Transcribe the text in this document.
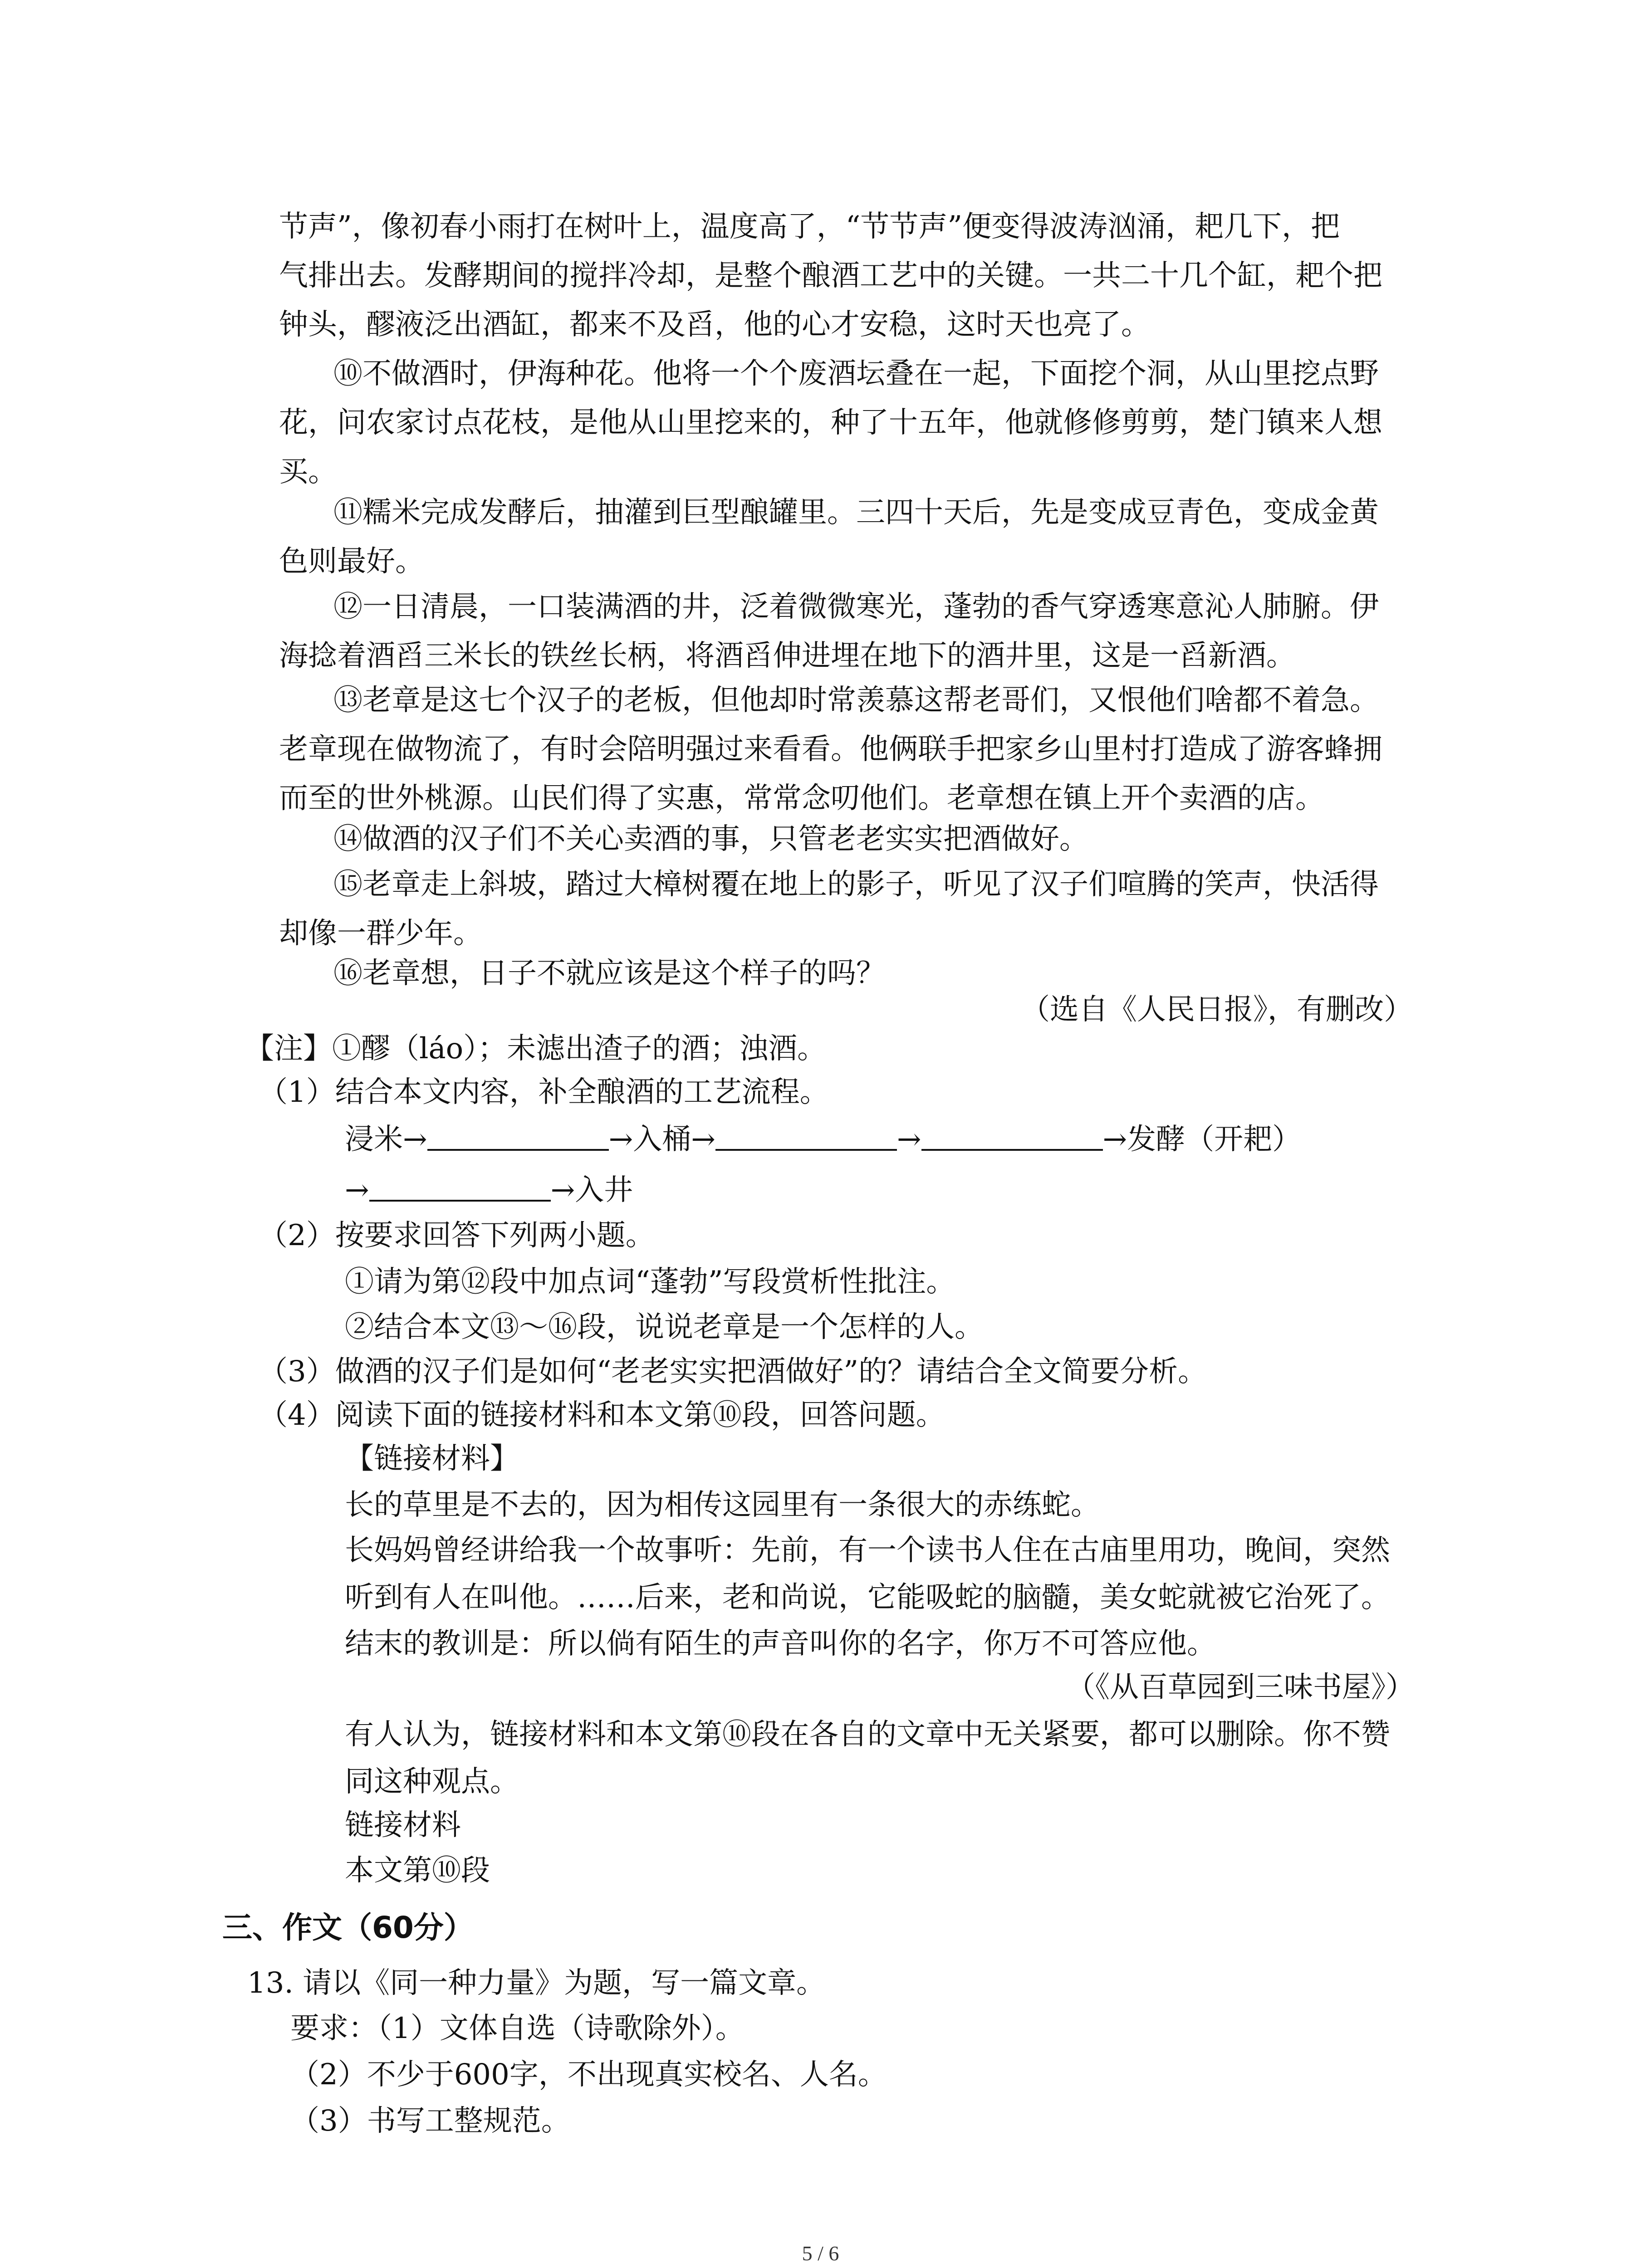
节声”，像初春小雨打在树叶上，温度高了，“节节声”便变得波涛汹涌，耙几下，把
气排出去。发酵期间的搅拌冷却，是整个酿酒工艺中的关键。一共二十几个缸，耙个把
钟头，醪液泛出酒缸，都来不及舀，他的心才安稳，这时天也亮了。
⑩不做酒时，伊海种花。他将一个个废酒坛叠在一起，下面挖个洞，从山里挖点野
花，问农家讨点花枝，是他从山里挖来的，种了十五年，他就修修剪剪，楚门镇来人想
买。
⑪糯米完成发酵后，抽灌到巨型酿罐里。三四十天后，先是变成豆青色，变成金黄
色则最好。
⑫一日清晨，一口装满酒的井，泛着微微寒光，蓬勃的香气穿透寒意沁人肺腑。伊
海捻着酒舀三米长的铁丝长柄，将酒舀伸进埋在地下的酒井里，这是一舀新酒。
⑬老章是这七个汉子的老板，但他却时常羡慕这帮老哥们，又恨他们啥都不着急。
老章现在做物流了，有时会陪明强过来看看。他俩联手把家乡山里村打造成了游客蜂拥
而至的世外桃源。山民们得了实惠，常常念叨他们。老章想在镇上开个卖酒的店。
⑭做酒的汉子们不关心卖酒的事，只管老老实实把酒做好。
⑮老章走上斜坡，踏过大樟树覆在地上的影子，听见了汉子们喧腾的笑声，快活得
却像一群少年。
⑯老章想，日子不就应该是这个样子的吗？
（选自《人民日报》，有删改）
【注】①醪（láo）；未滤出渣子的酒；浊酒。
（1）结合本文内容，补全酿酒的工艺流程。
浸米→	→入桶→	→	→发酵（开耙）
→	→入井
（2）按要求回答下列两小题。
①请为第⑫段中加点词“蓬勃”写段赏析性批注。
②结合本文⑬～⑯段，说说老章是一个怎样的人。
（3）做酒的汉子们是如何“老老实实把酒做好”的？请结合全文简要分析。
（4）阅读下面的链接材料和本文第⑩段，回答问题。
【链接材料】
长的草里是不去的，因为相传这园里有一条很大的赤练蛇。
长妈妈曾经讲给我一个故事听：先前，有一个读书人住在古庙里用功，晚间，突然
听到有人在叫他。……后来，老和尚说，它能吸蛇的脑髓，美女蛇就被它治死了。
结末的教训是：所以倘有陌生的声音叫你的名字，你万不可答应他。
（《从百草园到三味书屋》）
有人认为，链接材料和本文第⑩段在各自的文章中无关紧要，都可以删除。你不赞
同这种观点。
链接材料
本文第⑩段
三、作文（60分）
13. 请以《同一种力量》为题，写一篇文章。
要求：（1）文体自选（诗歌除外）。
（2）不少于600字，不出现真实校名、人名。
（3）书写工整规范。
5 / 6
